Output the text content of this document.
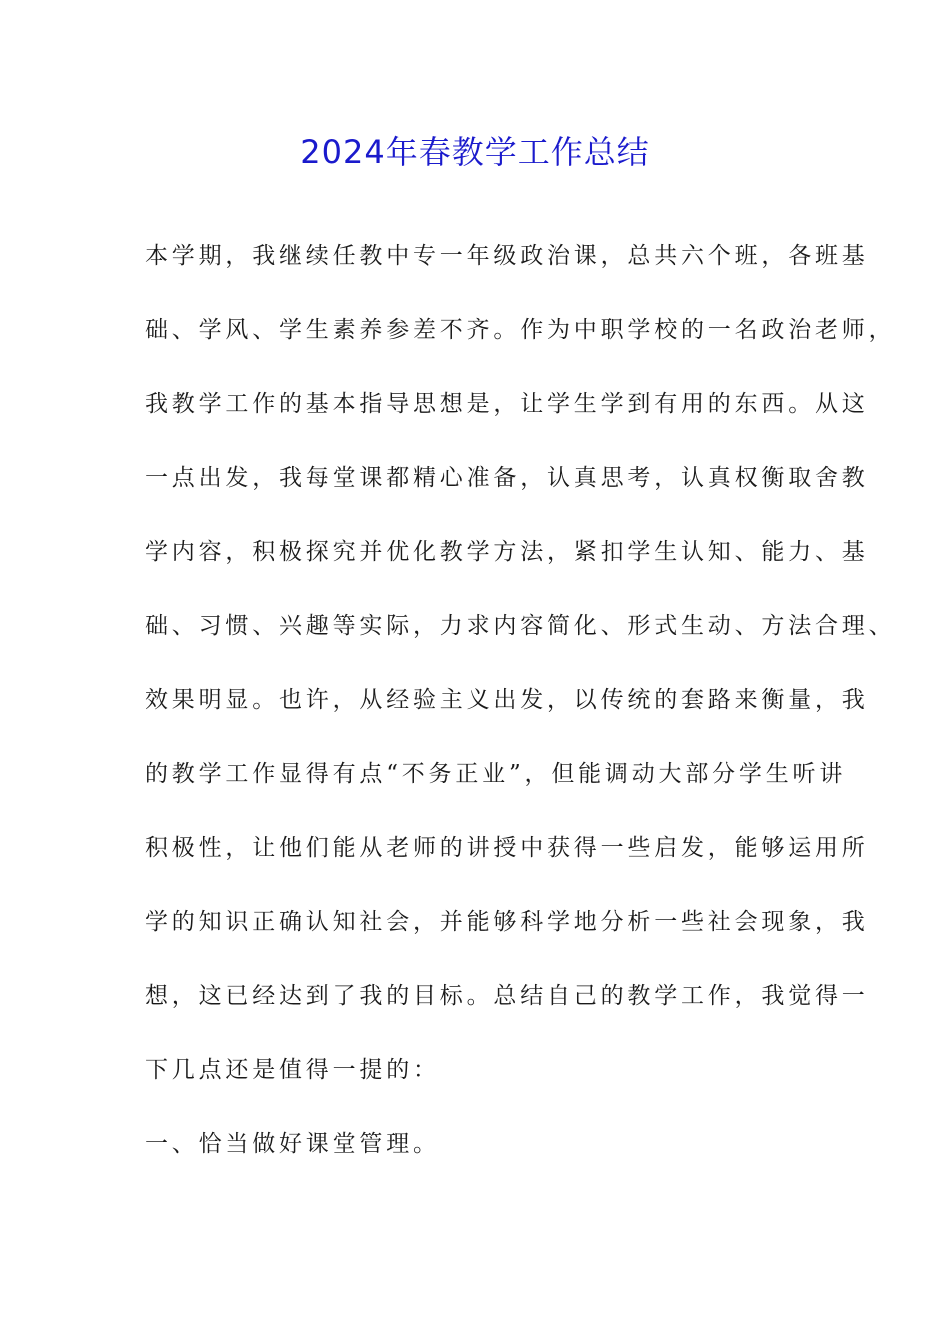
2024年春教学工作总结
本学期，我继续任教中专一年级政治课，总共六个班，各班基
础、学风、学生素养参差不齐。作为中职学校的一名政治老师，
我教学工作的基本指导思想是，让学生学到有用的东西。从这
一点出发，我每堂课都精心准备，认真思考，认真权衡取舍教
学内容，积极探究并优化教学方法，紧扣学生认知、能力、基
础、习惯、兴趣等实际，力求内容简化、形式生动、方法合理、
效果明显。也许，从经验主义出发，以传统的套路来衡量，我
的教学工作显得有点“不务正业”，但能调动大部分学生听讲
积极性，让他们能从老师的讲授中获得一些启发，能够运用所
学的知识正确认知社会，并能够科学地分析一些社会现象，我
想，这已经达到了我的目标。总结自己的教学工作，我觉得一
下几点还是值得一提的：
一、恰当做好课堂管理。
